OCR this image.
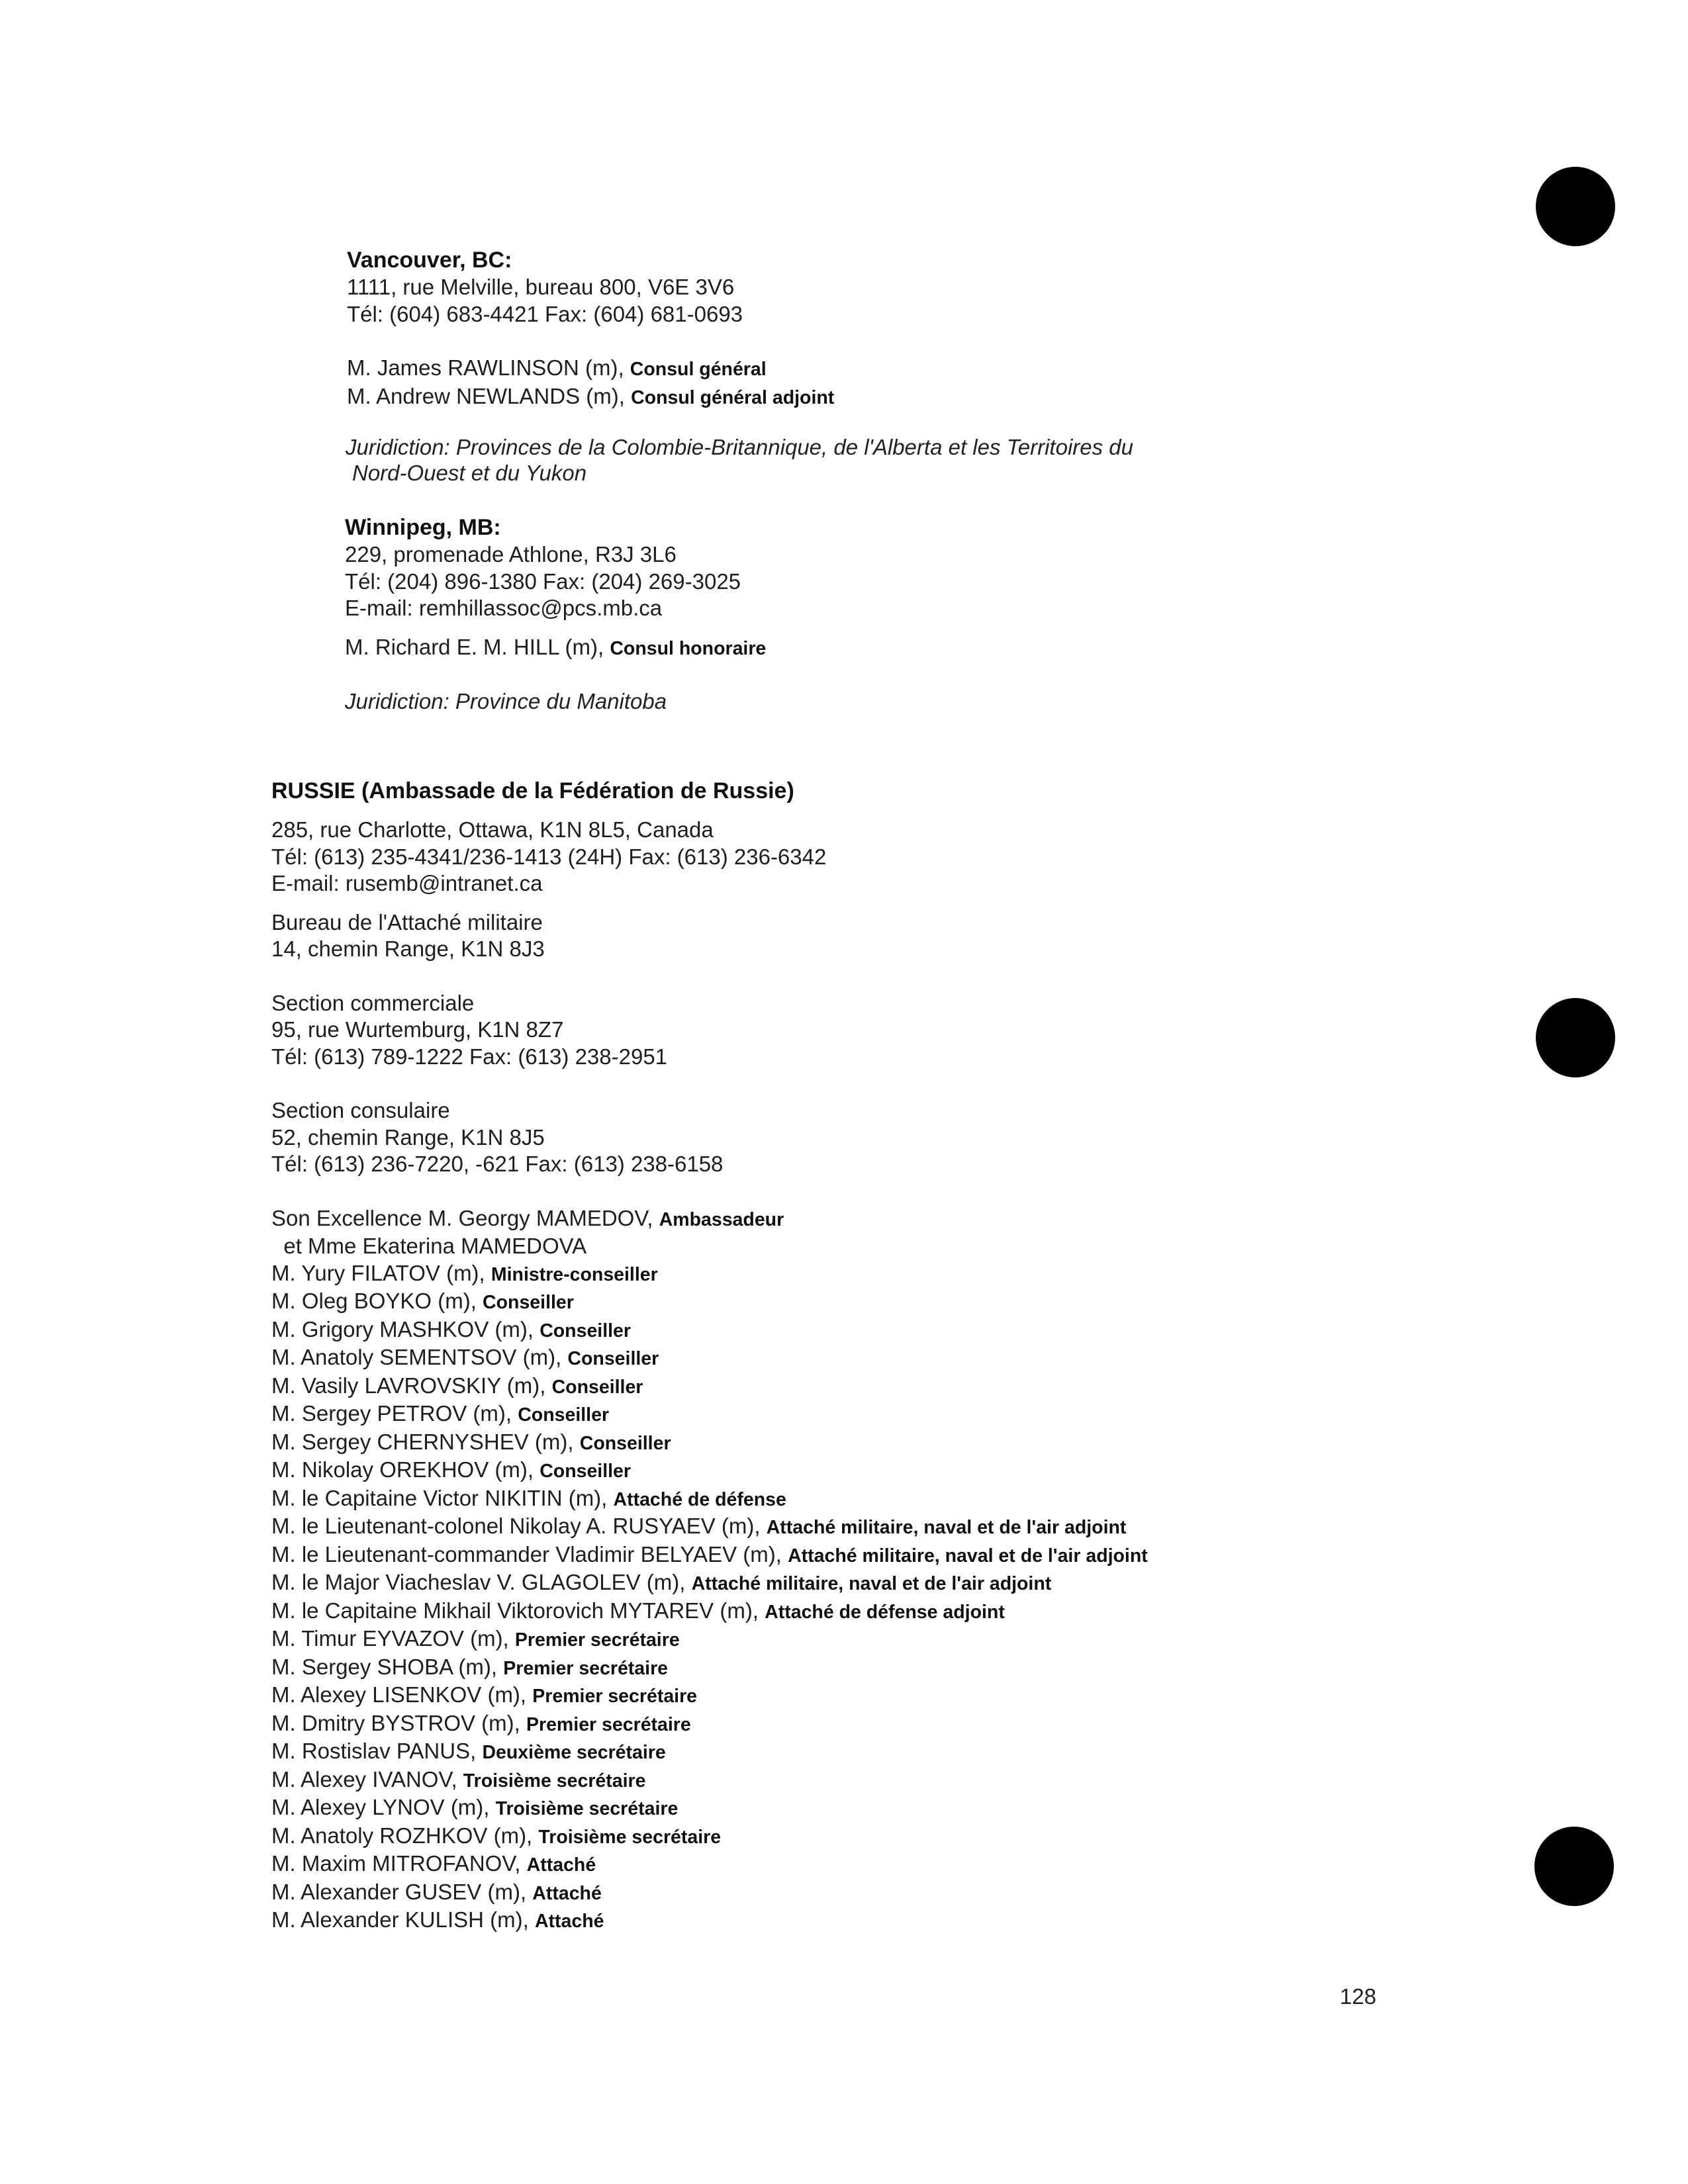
Vancouver, BC:
1111, rue Melville, bureau 800, V6E 3V6
Tél: (604) 683-4421 Fax: (604) 681-0693
M. James RAWLINSON (m), Consul général
M. Andrew NEWLANDS (m), Consul général adjoint
Juridiction: Provinces de la Colombie-Britannique, de l'Alberta et les Territoires du
Nord-Ouest et du Yukon
Winnipeg, MB:
229, promenade Athlone, R3J 3L6
Tél: (204) 896-1380 Fax: (204) 269-3025
E-mail: remhillassoc@pcs.mb.ca
M. Richard E. M. HILL (m), Consul honoraire
Juridiction: Province du Manitoba
RUSSIE (Ambassade de la Fédération de Russie)
285, rue Charlotte, Ottawa, K1N 8L5, Canada
Tél: (613) 235-4341/236-1413 (24H) Fax: (613) 236-6342
E-mail: rusemb@intranet.ca
Bureau de l'Attaché militaire
14, chemin Range, K1N 8J3
Section commerciale
95, rue Wurtemburg, K1N 8Z7
Tél: (613) 789-1222 Fax: (613) 238-2951
Section consulaire
52, chemin Range, K1N 8J5
Tél: (613) 236-7220, -621 Fax: (613) 238-6158
Son Excellence M. Georgy MAMEDOV, Ambassadeur
et Mme Ekaterina MAMEDOVA
M. Yury FILATOV (m), Ministre-conseiller
M. Oleg BOYKO (m), Conseiller
M. Grigory MASHKOV (m), Conseiller
M. Anatoly SEMENTSOV (m), Conseiller
M. Vasily LAVROVSKIY (m), Conseiller
M. Sergey PETROV (m), Conseiller
M. Sergey CHERNYSHEV (m), Conseiller
M. Nikolay OREKHOV (m), Conseiller
M. le Capitaine Victor NIKITIN (m), Attaché de défense
M. le Lieutenant-colonel Nikolay A. RUSYAEV (m), Attaché militaire, naval et de l'air adjoint
M. le Lieutenant-commander Vladimir BELYAEV (m), Attaché militaire, naval et de l'air adjoint
M. le Major Viacheslav V. GLAGOLEV (m), Attaché militaire, naval et de l'air adjoint
M. le Capitaine Mikhail Viktorovich MYTAREV (m), Attaché de défense adjoint
M. Timur EYVAZOV (m), Premier secrétaire
M. Sergey SHOBA (m), Premier secrétaire
M. Alexey LISENKOV (m), Premier secrétaire
M. Dmitry BYSTROV (m), Premier secrétaire
M. Rostislav PANUS, Deuxième secrétaire
M. Alexey IVANOV, Troisième secrétaire
M. Alexey LYNOV (m), Troisième secrétaire
M. Anatoly ROZHKOV (m), Troisième secrétaire
M. Maxim MITROFANOV, Attaché
M. Alexander GUSEV (m), Attaché
M. Alexander KULISH (m), Attaché
128
